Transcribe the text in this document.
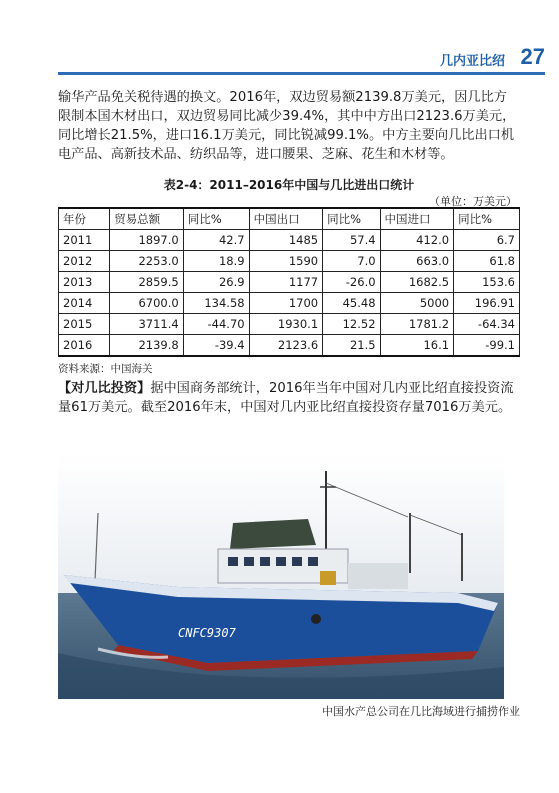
几内亚比绍 27

输华产品免关税待遇的换文。2016年，双边贸易额2139.8万美元，因几比方限制本国木材出口，双边贸易同比减少39.4%，其中中方出口2123.6万美元，同比增长21.5%，进口16.1万美元，同比锐减99.1%。中方主要向几比出口机电产品、高新技术品、纺织品等，进口腰果、芝麻、花生和木材等。

表2-4：2011–2016年中国与几比进出口统计
（单位：万美元）
年份	贸易总额	同比%	中国出口	同比%	中国进口	同比%
2011	1897.0	42.7	1485	57.4	412.0	6.7
2012	2253.0	18.9	1590	7.0	663.0	61.8
2013	2859.5	26.9	1177	-26.0	1682.5	153.6
2014	6700.0	134.58	1700	45.48	5000	196.91
2015	3711.4	-44.70	1930.1	12.52	1781.2	-64.34
2016	2139.8	-39.4	2123.6	21.5	16.1	-99.1
资料来源：中国海关

【对几比投资】据中国商务部统计，2016年当年中国对几内亚比绍直接投资流量61万美元。截至2016年末，中国对几内亚比绍直接投资存量7016万美元。

CNFC9307
中国水产总公司在几比海域进行捕捞作业
